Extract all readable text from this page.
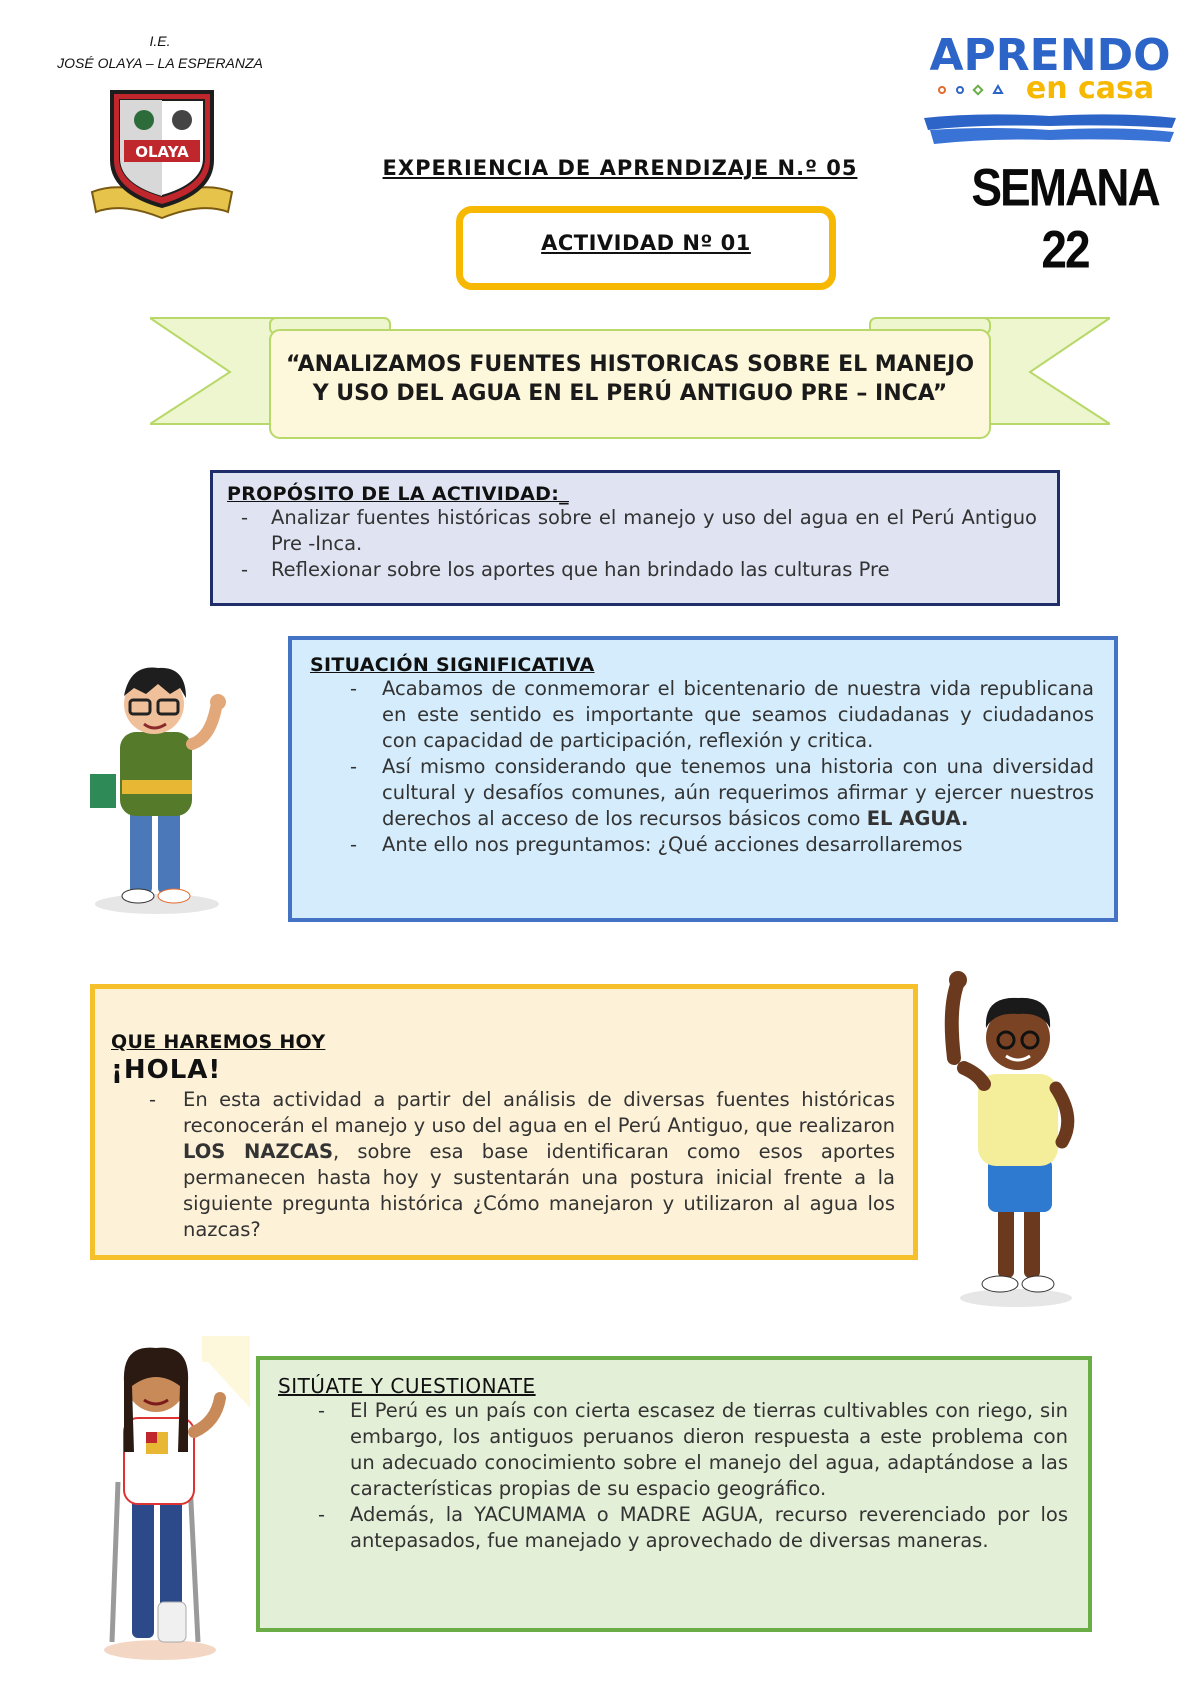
I.E.
JOSÉ OLAYA – LA ESPERANZA
OLAYA
APRENDO
en casa
EXPERIENCIA DE APRENDIZAJE N.º 05	SEMANA 22
ACTIVIDAD Nº 01
“ANALIZAMOS FUENTES HISTORICAS SOBRE EL MANEJO Y USO DEL AGUA EN EL PERÚ ANTIGUO PRE – INCA”
PROPÓSITO DE LA ACTIVIDAD:_
- Analizar fuentes históricas sobre el manejo y uso del agua en el Perú Antiguo Pre -Inca.
- Reflexionar sobre los aportes que han brindado las culturas Pre
SITUACIÓN SIGNIFICATIVA
- Acabamos de conmemorar el bicentenario de nuestra vida republicana en este sentido es importante que seamos ciudadanas y ciudadanos con capacidad de participación, reflexión y critica.
- Así mismo considerando que tenemos una historia con una diversidad cultural y desafíos comunes, aún requerimos afirmar y ejercer nuestros derechos al acceso de los recursos básicos como EL AGUA.
- Ante ello nos preguntamos: ¿Qué acciones desarrollaremos
QUE HAREMOS HOY
¡HOLA!
- En esta actividad a partir del análisis de diversas fuentes históricas reconocerán el manejo y uso del agua en el Perú Antiguo, que realizaron LOS NAZCAS, sobre esa base identificaran como esos aportes permanecen hasta hoy y sustentarán una postura inicial frente a la siguiente pregunta histórica ¿Cómo manejaron y utilizaron al agua los nazcas?
SITÚATE Y CUESTIONATE
- El Perú es un país con cierta escasez de tierras cultivables con riego, sin embargo, los antiguos peruanos dieron respuesta a este problema con un adecuado conocimiento sobre el manejo del agua, adaptándose a las características propias de su espacio geográfico.
- Además, la YACUMAMA o MADRE AGUA, recurso reverenciado por los antepasados, fue manejado y aprovechado de diversas maneras.
